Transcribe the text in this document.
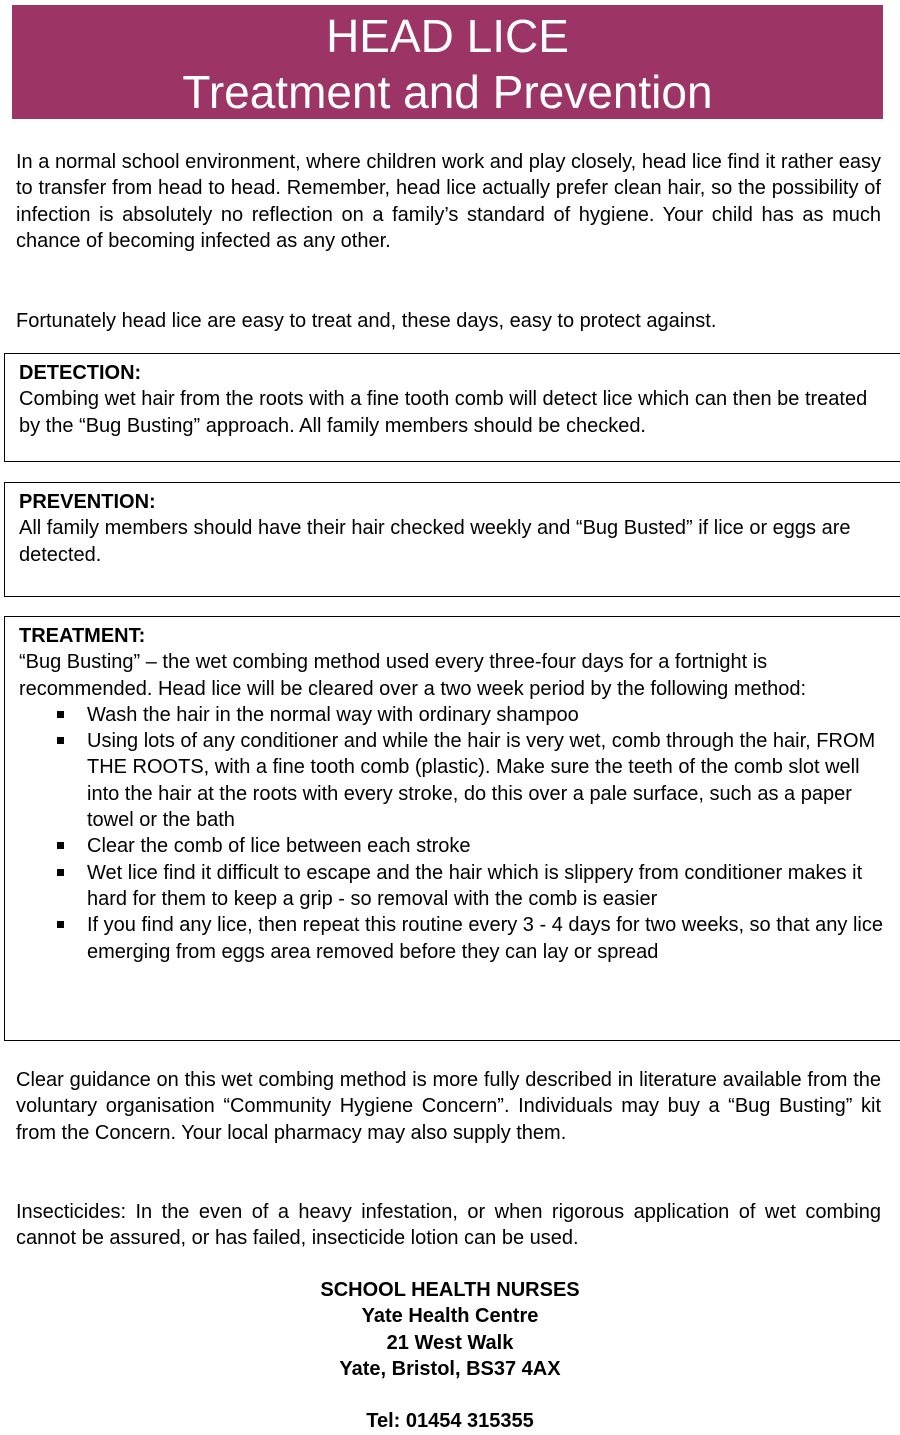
HEAD LICE
Treatment and Prevention

In a normal school environment, where children work and play closely, head lice find it rather easy to transfer from head to head. Remember, head lice actually prefer clean hair, so the possibility of infection is absolutely no reflection on a family’s standard of hygiene. Your child has as much chance of becoming infected as any other.

Fortunately head lice are easy to treat and, these days, easy to protect against.

DETECTION:
Combing wet hair from the roots with a fine tooth comb will detect lice which can then be treated by the “Bug Busting” approach. All family members should be checked.
PREVENTION:
All family members should have their hair checked weekly and “Bug Busted” if lice or eggs are detected.
TREATMENT:
“Bug Busting” – the wet combing method used every three-four days for a fortnight is recommended. Head lice will be cleared over a two week period by the following method:
Wash the hair in the normal way with ordinary shampoo
Using lots of any conditioner and while the hair is very wet, comb through the hair, FROM THE ROOTS, with a fine tooth comb (plastic). Make sure the teeth of the comb slot well into the hair at the roots with every stroke, do this over a pale surface, such as a paper towel or the bath
Clear the comb of lice between each stroke
Wet lice find it difficult to escape and the hair which is slippery from conditioner makes it hard for them to keep a grip - so removal with the comb is easier
If you find any lice, then repeat this routine every 3 - 4 days for two weeks, so that any lice emerging from eggs area removed before they can lay or spread

Clear guidance on this wet combing method is more fully described in literature available from the voluntary organisation “Community Hygiene Concern”. Individuals may buy a “Bug Busting” kit from the Concern. Your local pharmacy may also supply them.

Insecticides: In the even of a heavy infestation, or when rigorous application of wet combing cannot be assured, or has failed, insecticide lotion can be used.

SCHOOL HEALTH NURSES
Yate Health Centre
21 West Walk
Yate, Bristol, BS37 4AX
Tel: 01454 315355
